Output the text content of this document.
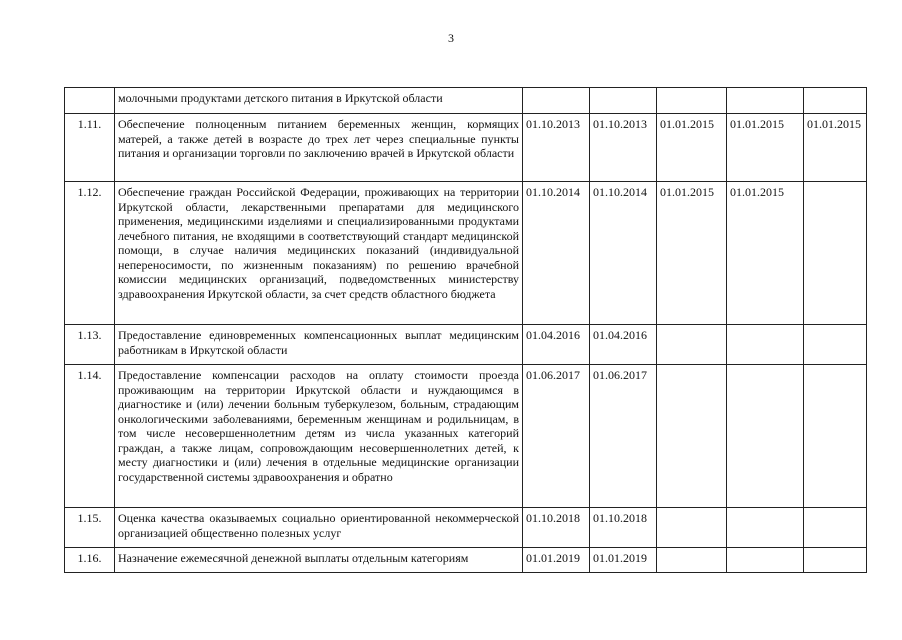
3
	молочными продуктами детского питания в Иркутской области					
1.11.	Обеспечение полноценным питанием беременных женщин, кормящих матерей, а также детей в возрасте до трех лет через специальные пункты питания и организации торговли по заключению врачей в Иркутской области	01.10.2013	01.10.2013	01.01.2015	01.01.2015	01.01.2015
1.12.	Обеспечение граждан Российской Федерации, проживающих на территории Иркутской области, лекарственными препаратами для медицинского применения, медицинскими изделиями и специализированными продуктами лечебного питания, не входящими в соответствующий стандарт медицинской помощи, в случае наличия медицинских показаний (индивидуальной непереносимости, по жизненным показаниям) по решению врачебной комиссии медицинских организаций, подведомственных министерству здравоохранения Иркутской области, за счет средств областного бюджета	01.10.2014	01.10.2014	01.01.2015	01.01.2015	
1.13.	Предоставление единовременных компенсационных выплат медицинским работникам в Иркутской области	01.04.2016	01.04.2016			
1.14.	Предоставление компенсации расходов на оплату стоимости проезда проживающим на территории Иркутской области и нуждающимся в диагностике и (или) лечении больным туберкулезом, больным, страдающим онкологическими заболеваниями, беременным женщинам и родильницам, в том числе несовершеннолетним детям из числа указанных категорий граждан, а также лицам, сопровождающим несовершеннолетних детей, к месту диагностики и (или) лечения в отдельные медицинские организации государственной системы здравоохранения и обратно	01.06.2017	01.06.2017			
1.15.	Оценка качества оказываемых социально ориентированной некоммерческой организацией общественно полезных услуг	01.10.2018	01.10.2018			
1.16.	Назначение ежемесячной денежной выплаты отдельным категориям	01.01.2019	01.01.2019			
